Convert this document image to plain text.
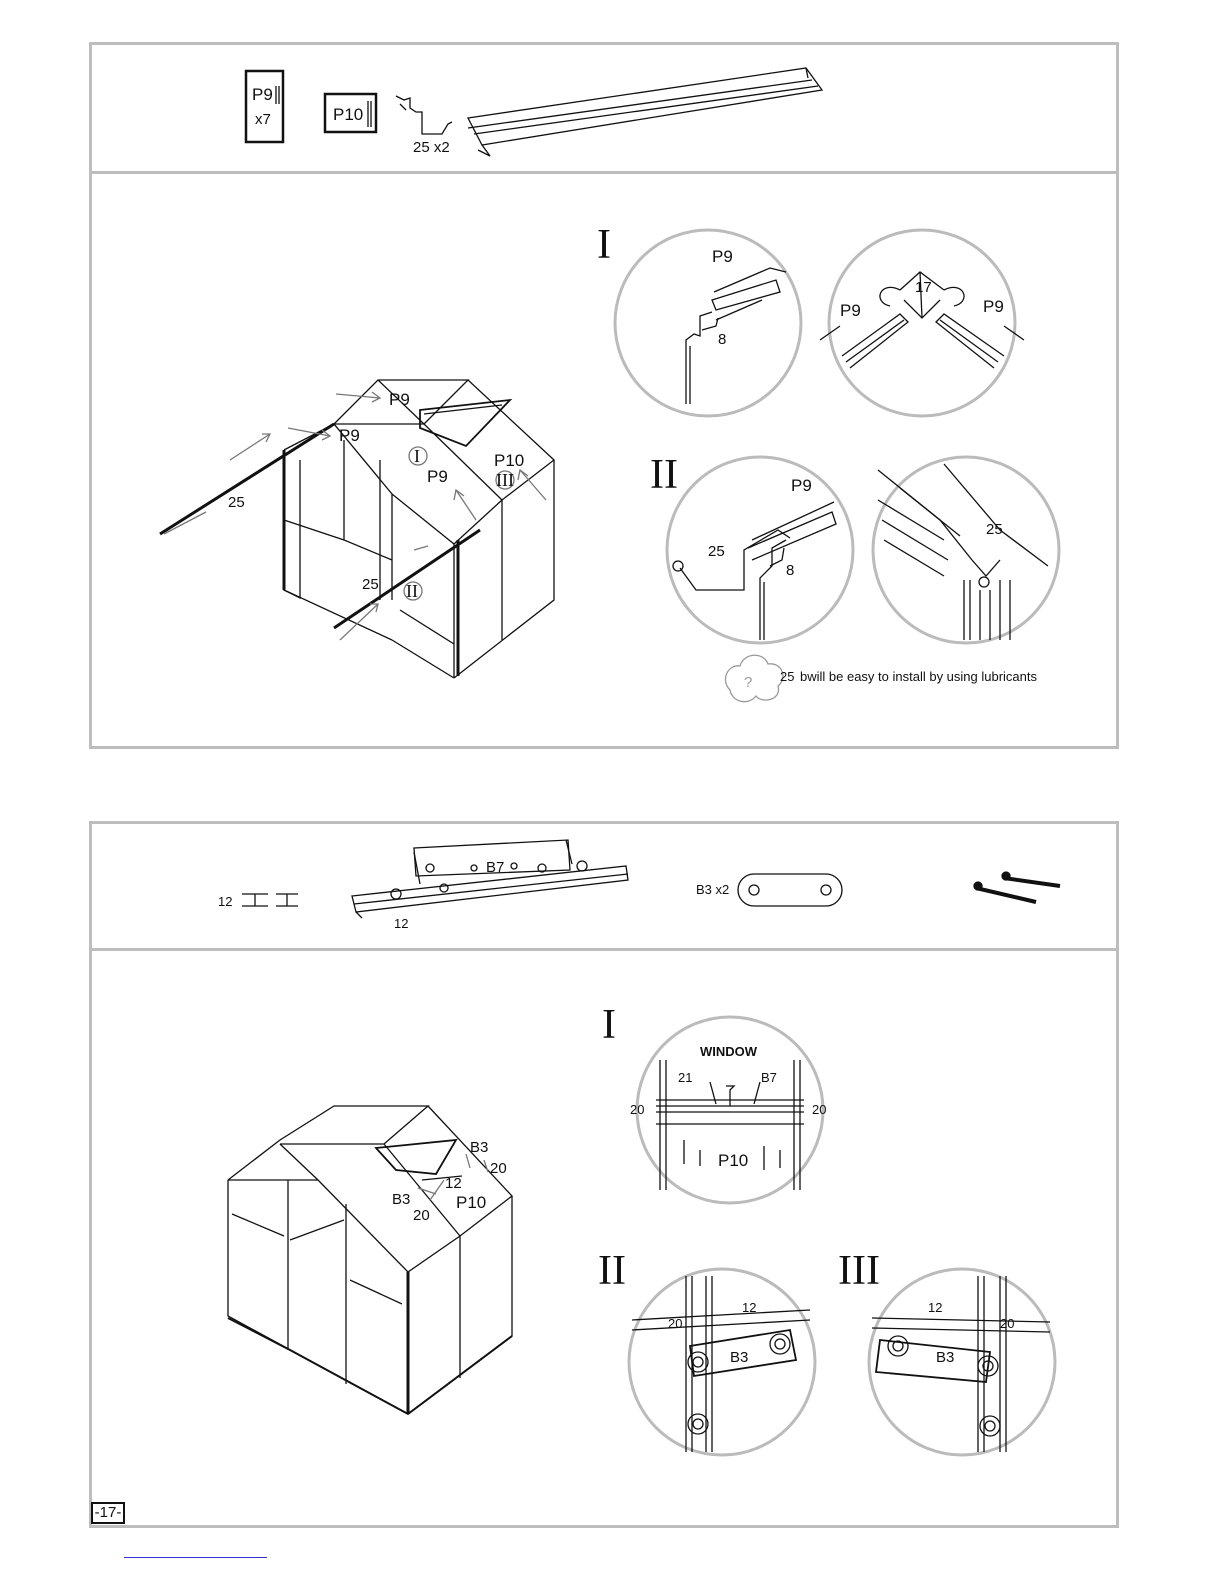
P9
x7	P10
25 x2
P9
P9
P9
P10
25
25
I
II
III
I	P9
8
17
P9	P9
II	P9
25
8
25
? 25 bwill be easy to install by using lubricants
12
B7
12
B3 x2
B3
B3
20
20
12
P10
I
WINDOW
21	B7
20	20
P10
II
20
12
B3
III
12
20
B3
-17-
